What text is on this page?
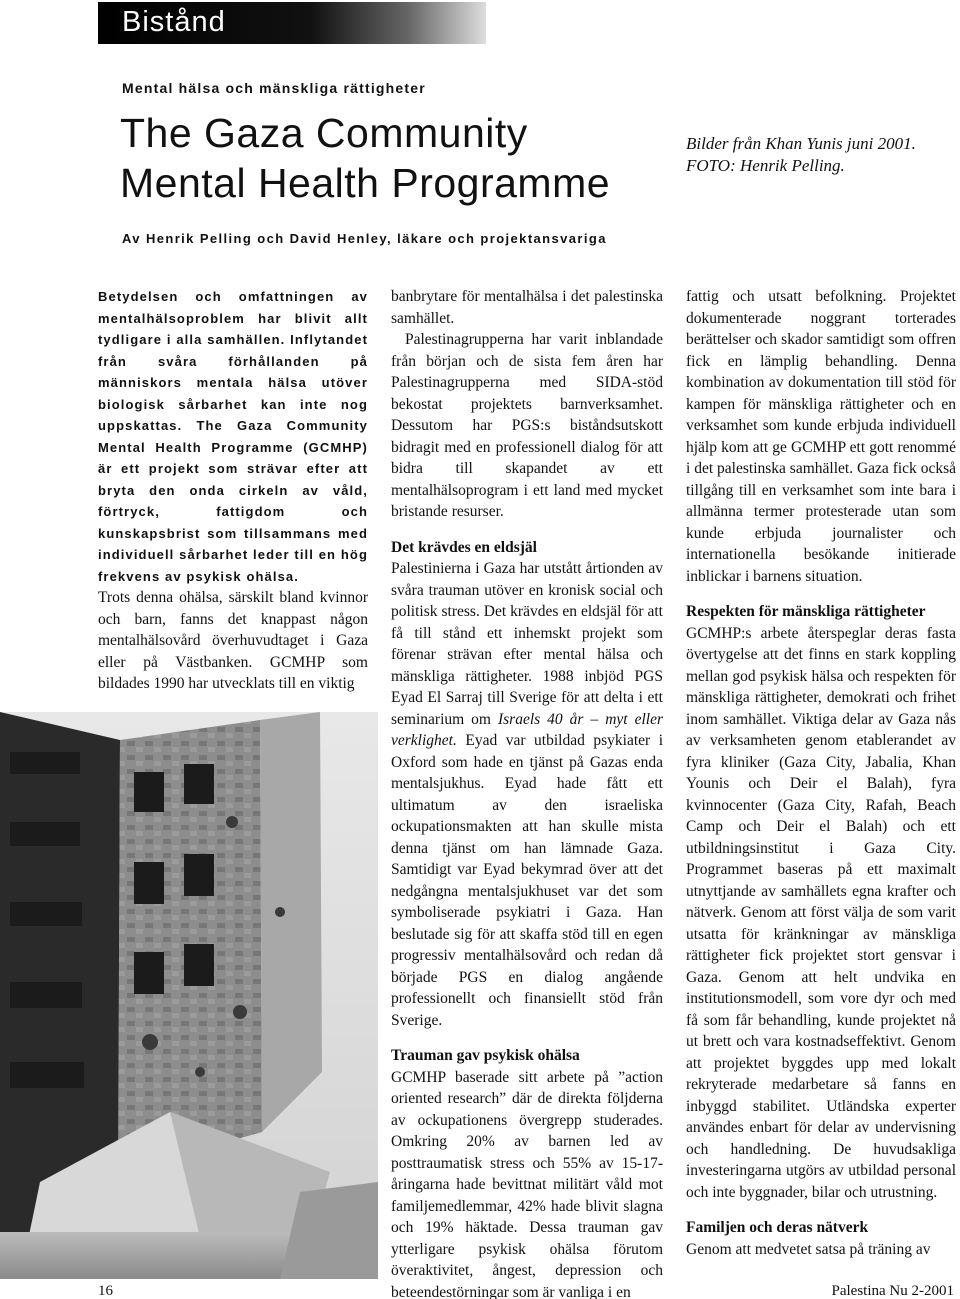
Bistånd
Mental hälsa och mänskliga rättigheter
The Gaza Community
Mental Health Programme
Bilder från Khan Yunis juni 2001.
FOTO: Henrik Pelling.
Av Henrik Pelling och David Henley, läkare och projektansvariga
Betydelsen och omfattningen av mentalhälsoproblem har blivit allt tydligare i alla samhällen. Inflytandet från svåra förhållanden på människors mentala hälsa utöver biologisk sårbarhet kan inte nog uppskattas. The Gaza Community Mental Health Programme (GCMHP) är ett projekt som strävar efter att bryta den onda cirkeln av våld, förtryck, fattigdom och kunskapsbrist som tillsammans med individuell sårbarhet leder till en hög frekvens av psykisk ohälsa.

Trots denna ohälsa, särskilt bland kvinnor och barn, fanns det knappast någon mentalhälsovård överhuvudtaget i Gaza eller på Västbanken. GCMHP som bildades 1990 har utvecklats till en viktig

banbrytare för mentalhälsa i det palestinska samhället.

Palestinagrupperna har varit inblandade från början och de sista fem åren har Palestinagrupperna med SIDA-stöd bekostat projektets barnverksamhet. Dessutom har PGS:s biståndsutskott bidragit med en professionell dialog för att bidra till skapandet av ett mentalhälsoprogram i ett land med mycket bristande resurser.

Det krävdes en eldsjäl

Palestinierna i Gaza har utstått årtionden av svåra trauman utöver en kronisk social och politisk stress. Det krävdes en eldsjäl för att få till stånd ett inhemskt projekt som förenar strävan efter mental hälsa och mänskliga rättigheter. 1988 inbjöd PGS Eyad El Sarraj till Sverige för att delta i ett seminarium om Israels 40 år – myt eller verklighet. Eyad var utbildad psykiater i Oxford som hade en tjänst på Gazas enda mentalsjukhus. Eyad hade fått ett ultimatum av den israeliska ockupationsmakten att han skulle mista denna tjänst om han lämnade Gaza. Samtidigt var Eyad bekymrad över att det nedgångna mentalsjukhuset var det som symboliserade psykiatri i Gaza. Han beslutade sig för att skaffa stöd till en egen progressiv mentalhälsovård och redan då började PGS en dialog angående professionellt och finansiellt stöd från Sverige.

Trauman gav psykisk ohälsa

GCMHP baserade sitt arbete på ”action oriented research” där de direkta följderna av ockupationens övergrepp studerades. Omkring 20% av barnen led av posttraumatisk stress och 55% av 15-17-åringarna hade bevittnat militärt våld mot familjemedlemmar, 42% hade blivit slagna och 19% häktade. Dessa trauman gav ytterligare psykisk ohälsa förutom överaktivitet, ångest, depression och beteendestörningar som är vanliga i en

fattig och utsatt befolkning. Projektet dokumenterade noggrant torterades berättelser och skador samtidigt som offren fick en lämplig behandling. Denna kombination av dokumentation till stöd för kampen för mänskliga rättigheter och en verksamhet som kunde erbjuda individuell hjälp kom att ge GCMHP ett gott renommé i det palestinska samhället. Gaza fick också tillgång till en verksamhet som inte bara i allmänna termer protesterade utan som kunde erbjuda journalister och internationella besökande initierade inblickar i barnens situation.

Respekten för mänskliga rättigheter

GCMHP:s arbete återspeglar deras fasta övertygelse att det finns en stark koppling mellan god psykisk hälsa och respekten för mänskliga rättigheter, demokrati och frihet inom samhället. Viktiga delar av Gaza nås av verksamheten genom etablerandet av fyra kliniker (Gaza City, Jabalia, Khan Younis och Deir el Balah), fyra kvinnocenter (Gaza City, Rafah, Beach Camp och Deir el Balah) och ett utbildningsinstitut i Gaza City. Programmet baseras på ett maximalt utnyttjande av samhällets egna krafter och nätverk. Genom att först välja de som varit utsatta för kränkningar av mänskliga rättigheter fick projektet stort gensvar i Gaza. Genom att helt undvika en institutionsmodell, som vore dyr och med få som får behandling, kunde projektet nå ut brett och vara kostnadseffektivt. Genom att projektet byggdes upp med lokalt rekryterade medarbetare så fanns en inbyggd stabilitet. Utländska experter användes enbart för delar av undervisning och handledning. De huvudsakliga investeringarna utgörs av utbildad personal och inte byggnader, bilar och utrustning.

Familjen och deras nätverk

Genom att medvetet satsa på träning av

16	Palestina Nu 2-2001
